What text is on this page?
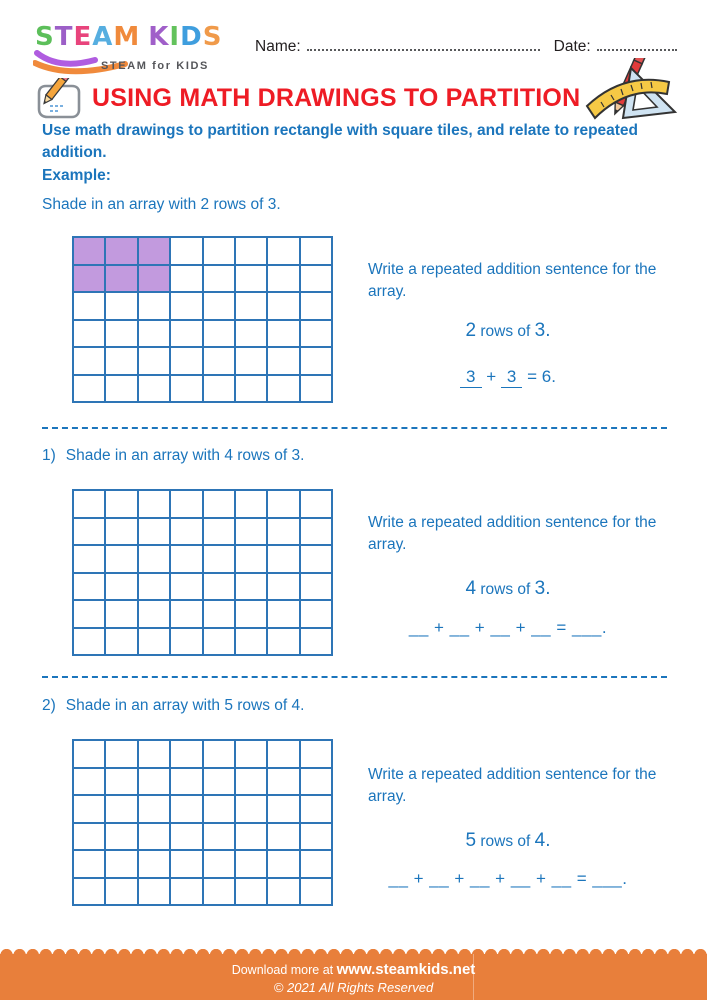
STEAM KIDS
STEAM for KIDS
Name:	Date:
USING MATH DRAWINGS TO PARTITION
Use math drawings to partition rectangle with square tiles, and relate to repeated addition.
Example:
Shade in an array with 2 rows of 3.
Write a repeated addition sentence for the array.
2 rows of 3.
3 + 3 = 6.
1) Shade in an array with 4 rows of 3.
Write a repeated addition sentence for the array.
4 rows of 3.
__ + __ + __ + __ = ___.
2) Shade in an array with 5 rows of 4.
Write a repeated addition sentence for the array.
5 rows of 4.
__ + __ + __ + __ + __ = ___.
Download more at www.steamkids.net
© 2021 All Rights Reserved
